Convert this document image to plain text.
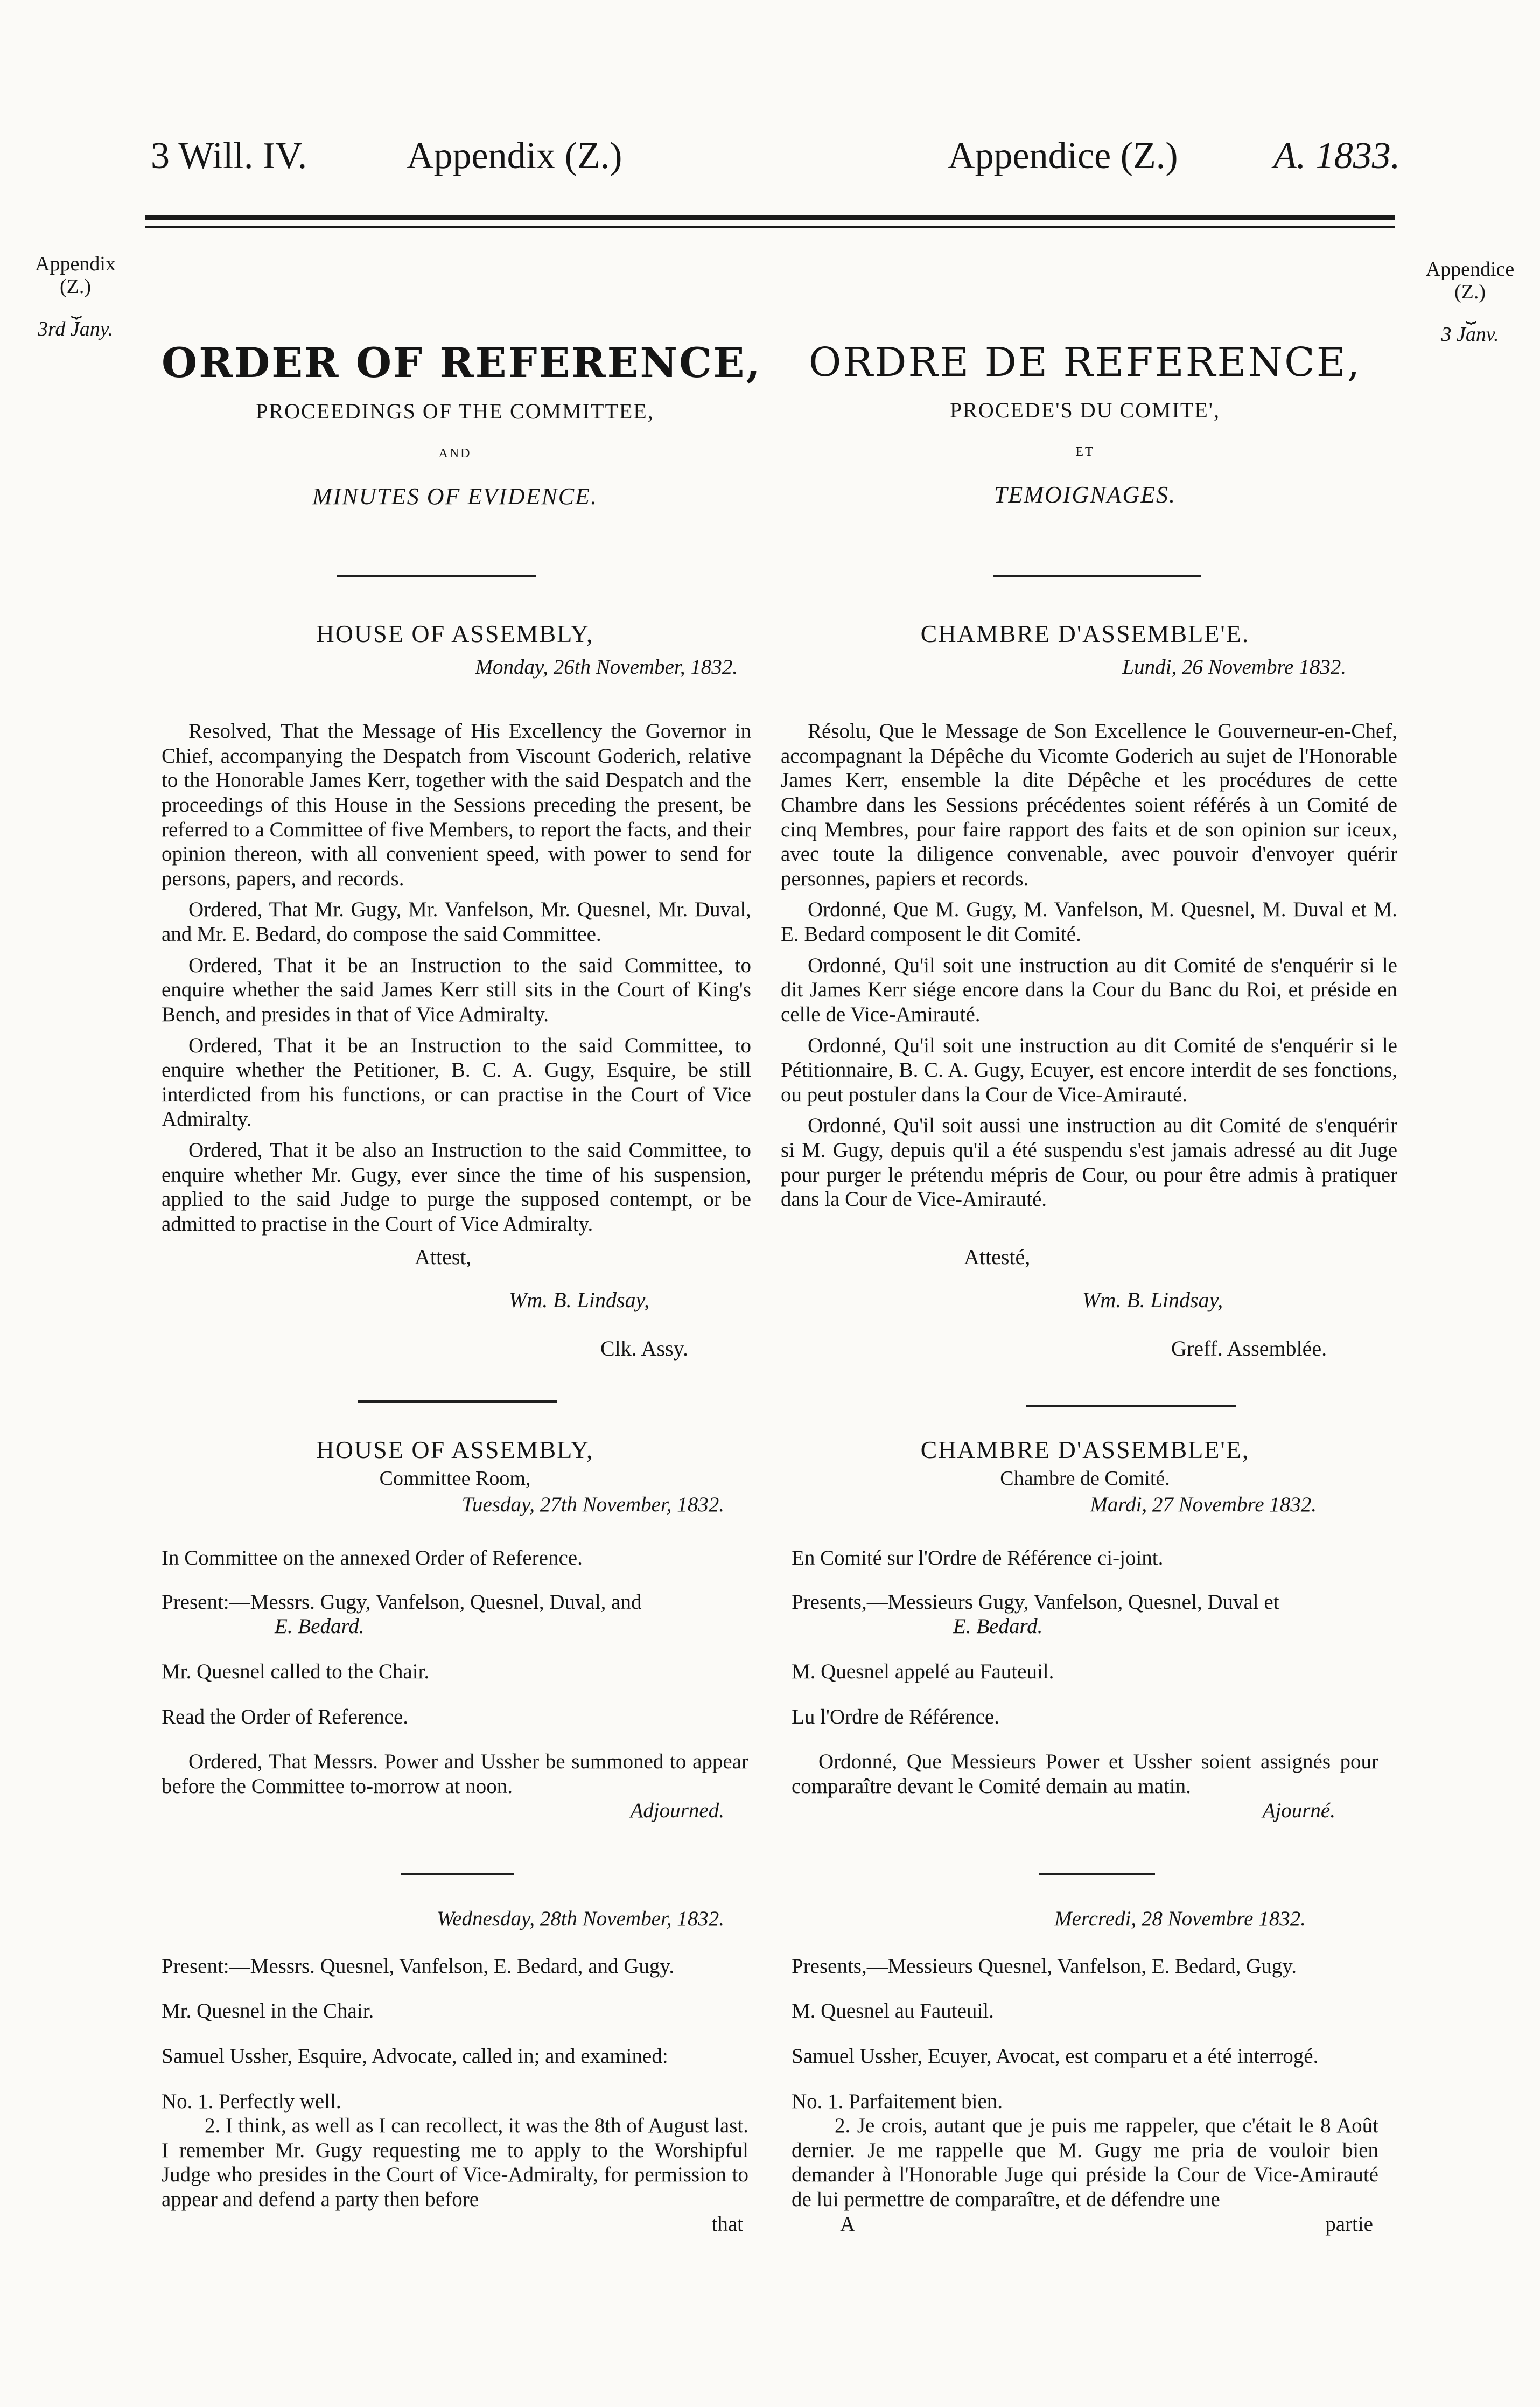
3 Will. IV.	Appendix (Z.)	Appendice (Z.)	A. 1833.
Appendix
(Z.)
⏟
3rd Jany.
Appendice
(Z.)
⏟
3 Janv.
ORDER OF REFERENCE,
PROCEEDINGS OF THE COMMITTEE,
AND
MINUTES OF EVIDENCE.
HOUSE OF ASSEMBLY,
Monday, 26th November, 1832.

Resolved, That the Message of His Excellency the Governor in Chief, accompanying the Despatch from Viscount Goderich, relative to the Honorable James Kerr, together with the said Despatch and the proceedings of this House in the Sessions preceding the present, be referred to a Committee of five Members, to report the facts, and their opinion thereon, with all convenient speed, with power to send for persons, papers, and records.

Ordered, That Mr. Gugy, Mr. Vanfelson, Mr. Quesnel, Mr. Duval, and Mr. E. Bedard, do compose the said Committee.

Ordered, That it be an Instruction to the said Committee, to enquire whether the said James Kerr still sits in the Court of King's Bench, and presides in that of Vice Admiralty.

Ordered, That it be an Instruction to the said Committee, to enquire whether the Petitioner, B. C. A. Gugy, Esquire, be still interdicted from his functions, or can practise in the Court of Vice Admiralty.

Ordered, That it be also an Instruction to the said Committee, to enquire whether Mr. Gugy, ever since the time of his suspension, applied to the said Judge to purge the supposed contempt, or be admitted to practise in the Court of Vice Admiralty.

Attest,
Wm. B. Lindsay,
Clk. Assy.
HOUSE OF ASSEMBLY,
Committee Room,
Tuesday, 27th November, 1832.

In Committee on the annexed Order of Reference.

Present:—Messrs. Gugy, Vanfelson, Quesnel, Duval, and

E. Bedard.

Mr. Quesnel called to the Chair.

Read the Order of Reference.

Ordered, That Messrs. Power and Ussher be summoned to appear before the Committee to-morrow at noon.

Adjourned.

Wednesday, 28th November, 1832.

Present:—Messrs. Quesnel, Vanfelson, E. Bedard, and Gugy.

Mr. Quesnel in the Chair.

Samuel Ussher, Esquire, Advocate, called in; and examined:

No. 1. Perfectly well.

2. I think, as well as I can recollect, it was the 8th of August last. I remember Mr. Gugy requesting me to apply to the Worshipful Judge who presides in the Court of Vice-Admiralty, for permission to appear and defend a party then before

that

ORDRE DE REFERENCE,
PROCEDE'S DU COMITE',
ET
TEMOIGNAGES.
CHAMBRE D'ASSEMBLE'E.
Lundi, 26 Novembre 1832.

Résolu, Que le Message de Son Excellence le Gouverneur-en-Chef, accompagnant la Dépêche du Vicomte Goderich au sujet de l'Honorable James Kerr, ensemble la dite Dépêche et les procédures de cette Chambre dans les Sessions précédentes soient référés à un Comité de cinq Membres, pour faire rapport des faits et de son opinion sur iceux, avec toute la diligence convenable, avec pouvoir d'envoyer quérir personnes, papiers et records.

Ordonné, Que M. Gugy, M. Vanfelson, M. Quesnel, M. Duval et M. E. Bedard composent le dit Comité.

Ordonné, Qu'il soit une instruction au dit Comité de s'enquérir si le dit James Kerr siége encore dans la Cour du Banc du Roi, et préside en celle de Vice-Amirauté.

Ordonné, Qu'il soit une instruction au dit Comité de s'enquérir si le Pétitionnaire, B. C. A. Gugy, Ecuyer, est encore interdit de ses fonctions, ou peut postuler dans la Cour de Vice-Amirauté.

Ordonné, Qu'il soit aussi une instruction au dit Comité de s'enquérir si M. Gugy, depuis qu'il a été suspendu s'est jamais adressé au dit Juge pour purger le prétendu mépris de Cour, ou pour être admis à pratiquer dans la Cour de Vice-Amirauté.

Attesté,
Wm. B. Lindsay,
Greff. Assemblée.
CHAMBRE D'ASSEMBLE'E,
Chambre de Comité.
Mardi, 27 Novembre 1832.

En Comité sur l'Ordre de Référence ci-joint.

Presents,—Messieurs Gugy, Vanfelson, Quesnel, Duval et

E. Bedard.

M. Quesnel appelé au Fauteuil.

Lu l'Ordre de Référence.

Ordonné, Que Messieurs Power et Ussher soient assignés pour comparaître devant le Comité demain au matin.

Ajourné.

Mercredi, 28 Novembre 1832.

Presents,—Messieurs Quesnel, Vanfelson, E. Bedard, Gugy.

M. Quesnel au Fauteuil.

Samuel Ussher, Ecuyer, Avocat, est comparu et a été interrogé.

No. 1. Parfaitement bien.

2. Je crois, autant que je puis me rappeler, que c'était le 8 Août dernier. Je me rappelle que M. Gugy me pria de vouloir bien demander à l'Honorable Juge qui préside la Cour de Vice-Amirauté de lui permettre de comparaître, et de défendre une

A	partie
